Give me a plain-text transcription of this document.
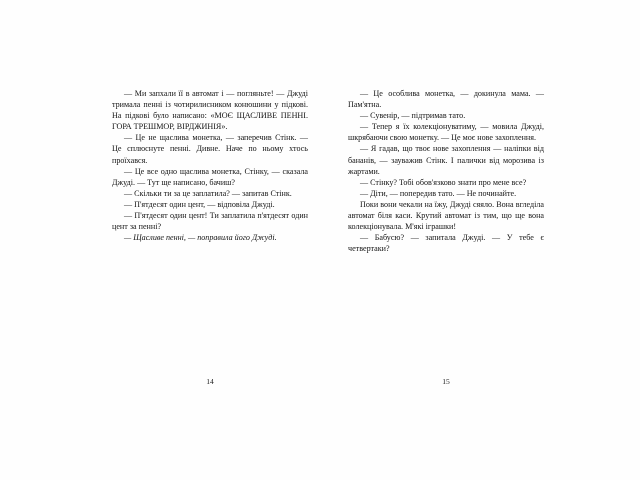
— Ми запхали її в автомат і — погляньте! — Джуді тримала пенні із чотирилисником конюшини у підкові. На підкові було написано: «МОЄ ЩАСЛИВЕ ПЕННІ. ГОРА ТРЕШМОР, ВІРДЖИНІЯ».

— Це не щаслива монетка, — заперечив Стінк. — Це сплюснуте пенні. Дивне. Наче по ньому хтось проїхався.

— Це все одно щаслива монетка, Стінку, — сказала Джуді. — Тут ще написано, бачиш?

— Скільки ти за це заплатила? — запитав Стінк.

— П'ятдесят один цент, — відповіла Джуді.

— П'ятдесят один цент! Ти заплатила п'ятдесят один цент за пенні?

— Щасливе пенні, — поправила його Джуді.

14

— Це особлива монетка, — докинула мама. — Пам'ятна.

— Сувенір, — підтримав тато.

— Тепер я їх колекціонуватиму, — мовила Джуді, шкрябаючи свою монетку. — Це моє нове захоплення.

— Я гадав, що твоє нове захоплення — наліпки від бананів, — зауважив Стінк. І палички від морозива із жартами.

— Стінку? Тобі обов'язково знати про мене все?

— Діти, — попередив тато. — Не починайте.

Поки вони чекали на їжу, Джуді сяяло. Вона вгледіла автомат біля каси. Крутий автомат із тим, що ще вона колекціонувала. М'які іграшки!

— Бабусю? — запитала Джуді. — У тебе є четвертаки?

15
